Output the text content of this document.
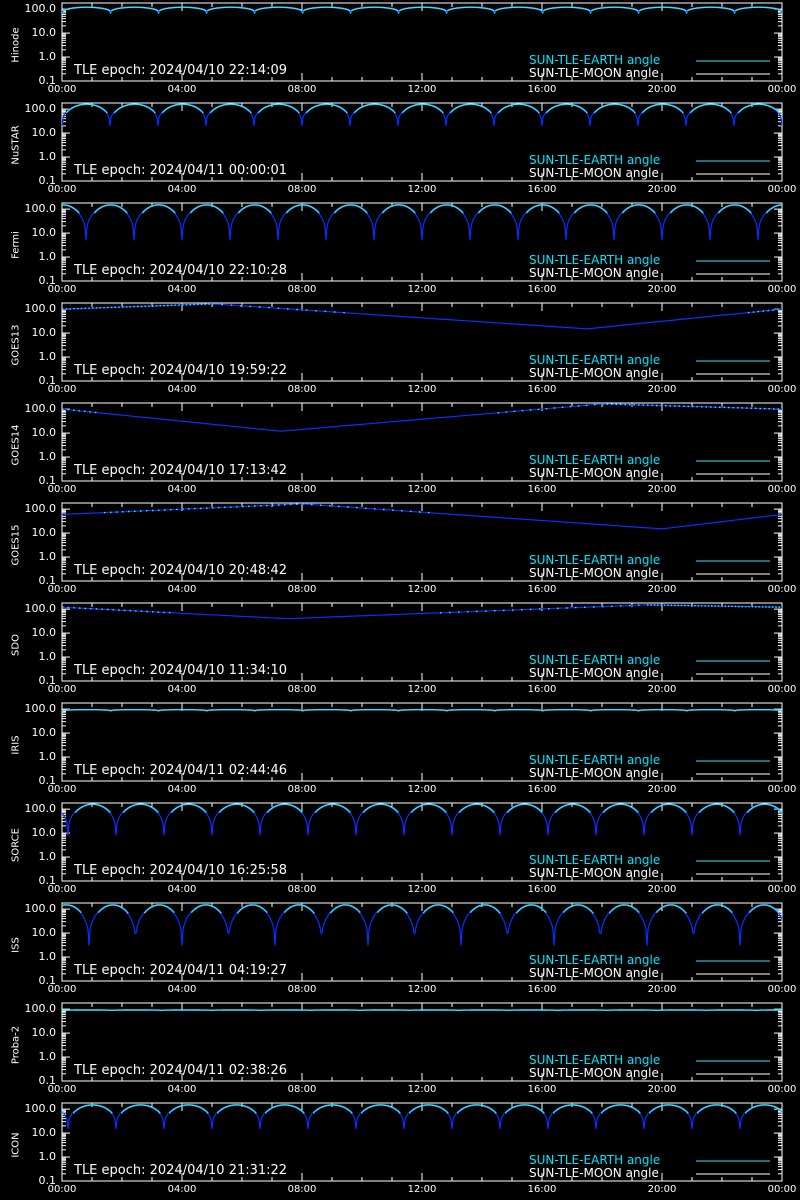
Hinode
100.0
10.0
1.0
0.1
00:00	04:00	08:00	12:00	16:00	20:00	00:00
TLE epoch: 2024/04/10 22:14:09
SUN-TLE-EARTH angle
SUN-TLE-MOON angle
NuSTAR
100.0
10.0
1.0
0.1
00:00	04:00	08:00	12:00	16:00	20:00	00:00
TLE epoch: 2024/04/11 00:00:01
SUN-TLE-EARTH angle
SUN-TLE-MOON angle
Fermi
100.0
10.0
1.0
0.1
00:00	04:00	08:00	12:00	16:00	20:00	00:00
TLE epoch: 2024/04/10 22:10:28
SUN-TLE-EARTH angle
SUN-TLE-MOON angle
GOES13
100.0
10.0
1.0
0.1
00:00	04:00	08:00	12:00	16:00	20:00	00:00
TLE epoch: 2024/04/10 19:59:22
SUN-TLE-EARTH angle
SUN-TLE-MOON angle
GOES14
100.0
10.0
1.0
0.1
00:00	04:00	08:00	12:00	16:00	20:00	00:00
TLE epoch: 2024/04/10 17:13:42
SUN-TLE-EARTH angle
SUN-TLE-MOON angle
GOES15
100.0
10.0
1.0
0.1
00:00	04:00	08:00	12:00	16:00	20:00	00:00
TLE epoch: 2024/04/10 20:48:42
SUN-TLE-EARTH angle
SUN-TLE-MOON angle
SDO
100.0
10.0
1.0
0.1
00:00	04:00	08:00	12:00	16:00	20:00	00:00
TLE epoch: 2024/04/10 11:34:10
SUN-TLE-EARTH angle
SUN-TLE-MOON angle
IRIS
100.0
10.0
1.0
0.1
00:00	04:00	08:00	12:00	16:00	20:00	00:00
TLE epoch: 2024/04/11 02:44:46
SUN-TLE-EARTH angle
SUN-TLE-MOON angle
SORCE
100.0
10.0
1.0
0.1
00:00	04:00	08:00	12:00	16:00	20:00	00:00
TLE epoch: 2024/04/10 16:25:58
SUN-TLE-EARTH angle
SUN-TLE-MOON angle
ISS
100.0
10.0
1.0
0.1
00:00	04:00	08:00	12:00	16:00	20:00	00:00
TLE epoch: 2024/04/11 04:19:27
SUN-TLE-EARTH angle
SUN-TLE-MOON angle
Proba-2
100.0
10.0
1.0
0.1
00:00	04:00	08:00	12:00	16:00	20:00	00:00
TLE epoch: 2024/04/11 02:38:26
SUN-TLE-EARTH angle
SUN-TLE-MOON angle
ICON
100.0
10.0
1.0
0.1
00:00	04:00	08:00	12:00	16:00	20:00	00:00
TLE epoch: 2024/04/10 21:31:22
SUN-TLE-EARTH angle
SUN-TLE-MOON angle
